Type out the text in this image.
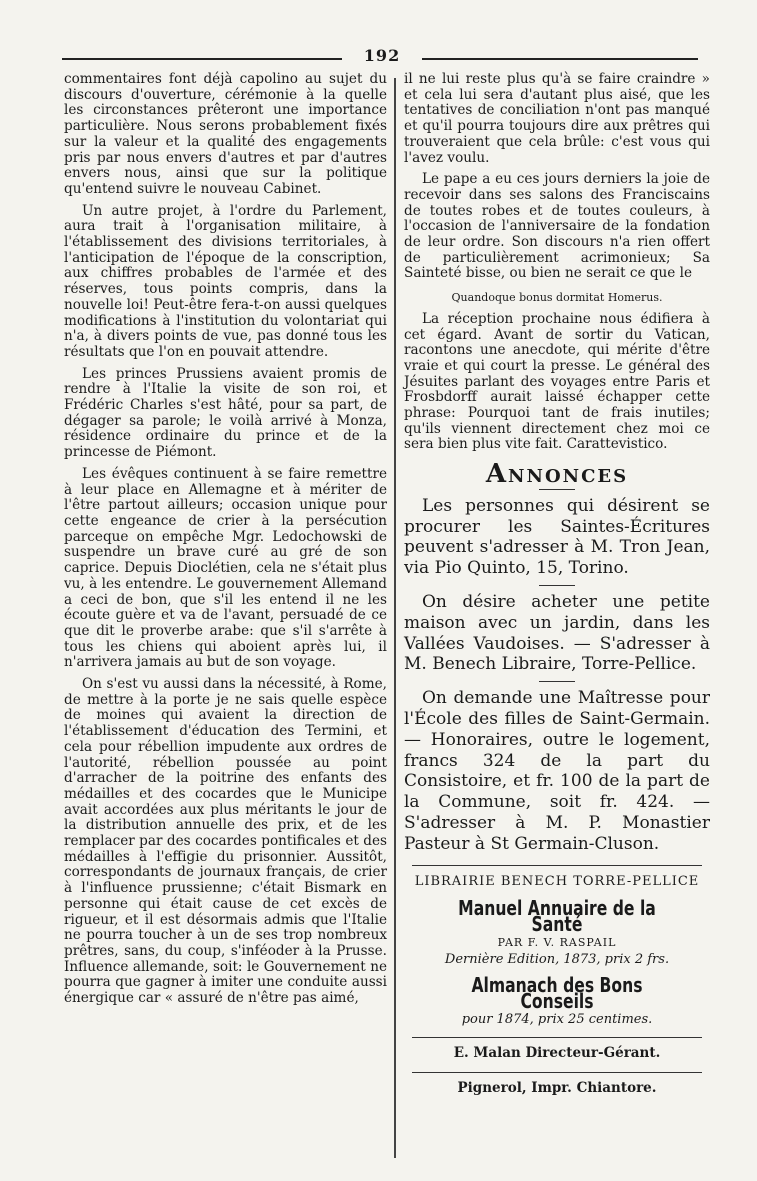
192

commentaires font déjà capolino au sujet du discours d'ouverture, cérémonie à la quelle les circonstances prêteront une importance particulière. Nous serons probablement fixés sur la valeur et la qualité des engagements pris par nous envers d'autres et par d'autres envers nous, ainsi que sur la politique qu'entend suivre le nouveau Cabinet.

Un autre projet, à l'ordre du Parlement, aura trait à l'organisation militaire, à l'établissement des divisions territoriales, à l'anticipation de l'époque de la conscription, aux chiffres probables de l'armée et des réserves, tous points compris, dans la nouvelle loi! Peut-être fera-t-on aussi quelques modifications à l'institution du volontariat qui n'a, à divers points de vue, pas donné tous les résultats que l'on en pouvait attendre.

Les princes Prussiens avaient promis de rendre à l'Italie la visite de son roi, et Frédéric Charles s'est hâté, pour sa part, de dégager sa parole; le voilà arrivé à Monza, résidence ordinaire du prince et de la princesse de Piémont.

Les évêques continuent à se faire remettre à leur place en Allemagne et à mériter de l'être partout ailleurs; occasion unique pour cette engeance de crier à la persécution parceque on empêche Mgr. Ledochowski de suspendre un brave curé au gré de son caprice. Depuis Dioclétien, cela ne s'était plus vu, à les entendre. Le gouvernement Allemand a ceci de bon, que s'il les entend il ne les écoute guère et va de l'avant, persuadé de ce que dit le proverbe arabe: que s'il s'arrête à tous les chiens qui aboient après lui, il n'arrivera jamais au but de son voyage.

On s'est vu aussi dans la nécessité, à Rome, de mettre à la porte je ne sais quelle espèce de moines qui avaient la direction de l'établissement d'éducation des Termini, et cela pour rébellion impudente aux ordres de l'autorité, rébellion poussée au point d'arracher de la poitrine des enfants des médailles et des cocardes que le Municipe avait accordées aux plus méritants le jour de la distribution annuelle des prix, et de les remplacer par des cocardes pontificales et des médailles à l'effigie du prisonnier. Aussitôt, correspondants de journaux français, de crier à l'influence prussienne; c'était Bismark en personne qui était cause de cet excès de rigueur, et il est désormais admis que l'Italie ne pourra toucher à un de ses trop nombreux prêtres, sans, du coup, s'inféoder à la Prusse. Influence allemande, soit: le Gouvernement ne pourra que gagner à imiter une conduite aussi énergique car « assuré de n'être pas aimé,

il ne lui reste plus qu'à se faire craindre » et cela lui sera d'autant plus aisé, que les tentatives de conciliation n'ont pas manqué et qu'il pourra toujours dire aux prêtres qui trouveraient que cela brûle: c'est vous qui l'avez voulu.

Le pape a eu ces jours derniers la joie de recevoir dans ses salons des Franciscains de toutes robes et de toutes couleurs, à l'occasion de l'anniversaire de la fondation de leur ordre. Son discours n'a rien offert de particulièrement acrimonieux; Sa Sainteté bisse, ou bien ne serait ce que le

Quandoque bonus dormitat Homerus.

La réception prochaine nous édifiera à cet égard. Avant de sortir du Vatican, racontons une anecdote, qui mérite d'être vraie et qui court la presse. Le général des Jésuites parlant des voyages entre Paris et Frosbdorff aurait laissé échapper cette phrase: Pourquoi tant de frais inutiles; qu'ils viennent directement chez moi ce sera bien plus vite fait. Carattevistico.

Annonces

Les personnes qui désirent se procurer les Saintes-Écritures peuvent s'adresser à M. Tron Jean, via Pio Quinto, 15, Torino.

On désire acheter une petite maison avec un jardin, dans les Vallées Vaudoises. — S'adresser à M. Benech Libraire, Torre-Pellice.

On demande une Maîtresse pour l'École des filles de Saint-Germain. — Honoraires, outre le logement, francs 324 de la part du Consistoire, et fr. 100 de la part de la Commune, soit fr. 424. — S'adresser à M. P. Monastier Pasteur à St Germain-Cluson.

LIBRAIRIE BENECH TORRE-PELLICE
Manuel Annuaire de la Santé
PAR F. V. RASPAIL
Dernière Edition, 1873, prix 2 frs.
Almanach des Bons Conseils
pour 1874, prix 25 centimes.
E. Malan Directeur-Gérant.
Pignerol, Impr. Chiantore.
